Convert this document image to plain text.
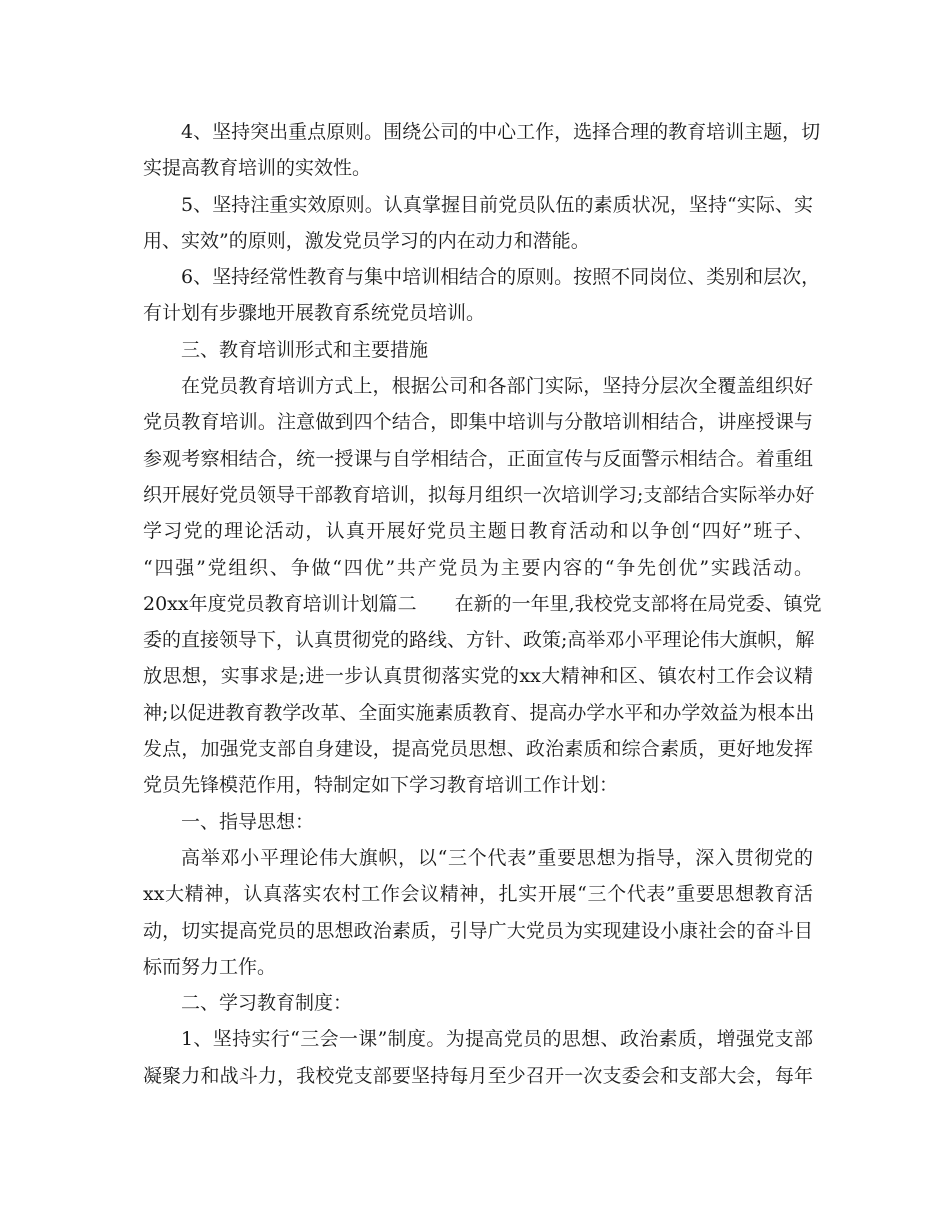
4、坚持突出重点原则。围绕公司的中心工作，选择合理的教育培训主题，切
实提高教育培训的实效性。
5、坚持注重实效原则。认真掌握目前党员队伍的素质状况，坚持“实际、实
用、实效”的原则，激发党员学习的内在动力和潜能。
6、坚持经常性教育与集中培训相结合的原则。按照不同岗位、类别和层次，
有计划有步骤地开展教育系统党员培训。
三、教育培训形式和主要措施
在党员教育培训方式上，根据公司和各部门实际，坚持分层次全覆盖组织好
党员教育培训。注意做到四个结合，即集中培训与分散培训相结合，讲座授课与
参观考察相结合，统一授课与自学相结合，正面宣传与反面警示相结合。着重组
织开展好党员领导干部教育培训，拟每月组织一次培训学习;支部结合实际举办好
学习党的理论活动，认真开展好党员主题日教育活动和以争创“四好”班子、
“四强”党组织、争做“四优”共产党员为主要内容的“争先创优”实践活动。
20xx年度党员教育培训计划篇二　　在新的一年里,我校党支部将在局党委、镇党
委的直接领导下，认真贯彻党的路线、方针、政策;高举邓小平理论伟大旗帜，解
放思想，实事求是;进一步认真贯彻落实党的xx大精神和区、镇农村工作会议精
神;以促进教育教学改革、全面实施素质教育、提高办学水平和办学效益为根本出
发点，加强党支部自身建设，提高党员思想、政治素质和综合素质，更好地发挥
党员先锋模范作用，特制定如下学习教育培训工作计划：
一、指导思想：
高举邓小平理论伟大旗帜，以“三个代表”重要思想为指导，深入贯彻党的
xx大精神，认真落实农村工作会议精神，扎实开展“三个代表”重要思想教育活
动，切实提高党员的思想政治素质，引导广大党员为实现建设小康社会的奋斗目
标而努力工作。
二、学习教育制度：
1、坚持实行“三会一课”制度。为提高党员的思想、政治素质，增强党支部
凝聚力和战斗力，我校党支部要坚持每月至少召开一次支委会和支部大会，每年
